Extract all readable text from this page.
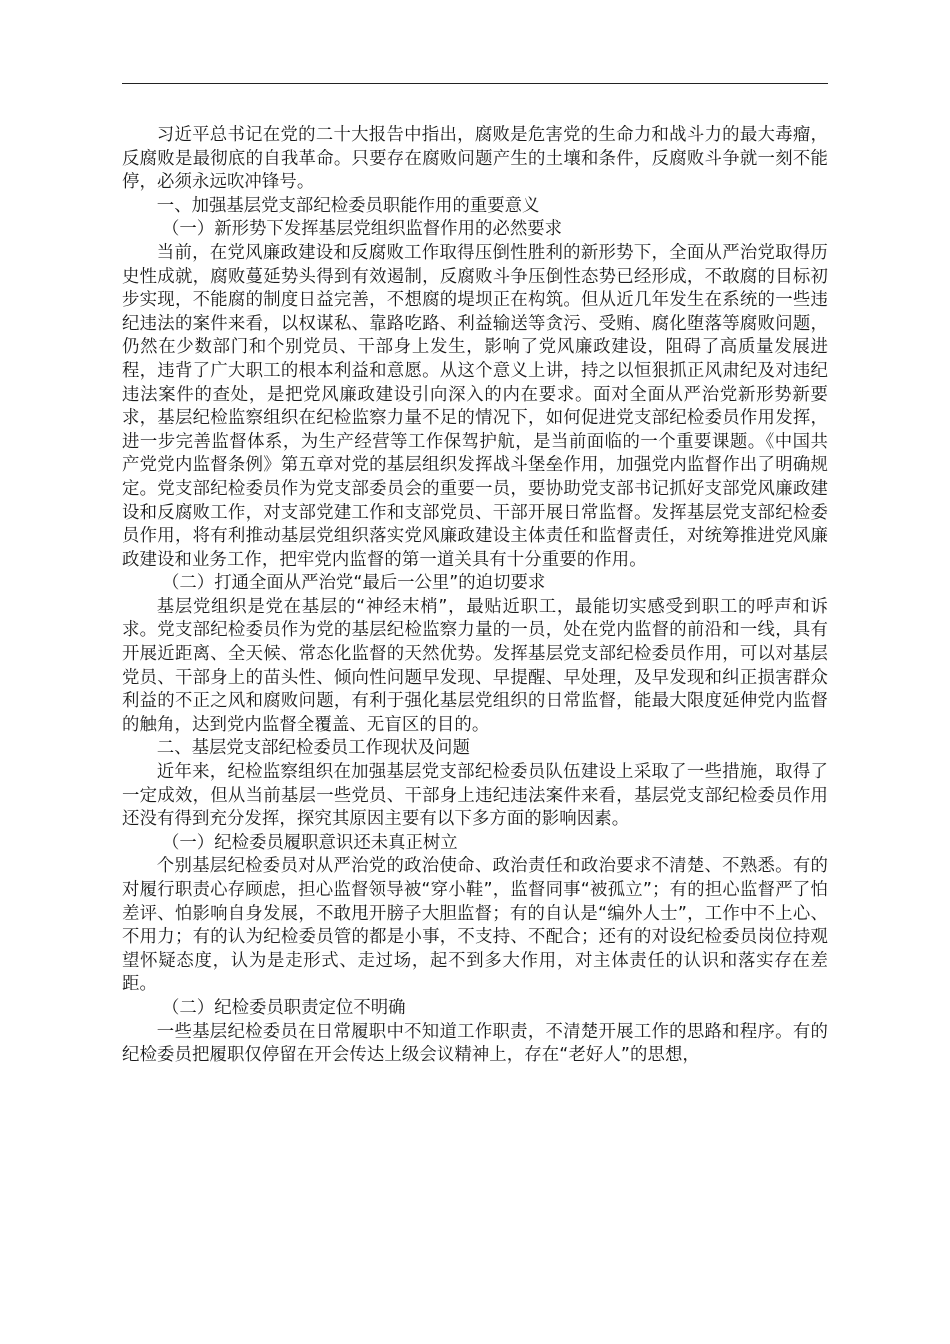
习近平总书记在党的二十大报告中指出，腐败是危害党的生命力和战斗力的最大毒瘤，反腐败是最彻底的自我革命。只要存在腐败问题产生的土壤和条件，反腐败斗争就一刻不能停，必须永远吹冲锋号。

一、加强基层党支部纪检委员职能作用的重要意义

（一）新形势下发挥基层党组织监督作用的必然要求

当前，在党风廉政建设和反腐败工作取得压倒性胜利的新形势下，全面从严治党取得历史性成就，腐败蔓延势头得到有效遏制，反腐败斗争压倒性态势已经形成，不敢腐的目标初步实现，不能腐的制度日益完善，不想腐的堤坝正在构筑。但从近几年发生在系统的一些违纪违法的案件来看，以权谋私、靠路吃路、利益输送等贪污、受贿、腐化堕落等腐败问题，仍然在少数部门和个别党员、干部身上发生，影响了党风廉政建设，阻碍了高质量发展进程，违背了广大职工的根本利益和意愿。从这个意义上讲，持之以恒狠抓正风肃纪及对违纪违法案件的查处，是把党风廉政建设引向深入的内在要求。面对全面从严治党新形势新要求，基层纪检监察组织在纪检监察力量不足的情况下，如何促进党支部纪检委员作用发挥，进一步完善监督体系，为生产经营等工作保驾护航，是当前面临的一个重要课题。《中国共产党党内监督条例》第五章对党的基层组织发挥战斗堡垒作用，加强党内监督作出了明确规定。党支部纪检委员作为党支部委员会的重要一员，要协助党支部书记抓好支部党风廉政建设和反腐败工作，对支部党建工作和支部党员、干部开展日常监督。发挥基层党支部纪检委员作用，将有利推动基层党组织落实党风廉政建设主体责任和监督责任，对统筹推进党风廉政建设和业务工作，把牢党内监督的第一道关具有十分重要的作用。

（二）打通全面从严治党“最后一公里”的迫切要求

基层党组织是党在基层的“神经末梢”，最贴近职工，最能切实感受到职工的呼声和诉求。党支部纪检委员作为党的基层纪检监察力量的一员，处在党内监督的前沿和一线，具有开展近距离、全天候、常态化监督的天然优势。发挥基层党支部纪检委员作用，可以对基层党员、干部身上的苗头性、倾向性问题早发现、早提醒、早处理，及早发现和纠正损害群众利益的不正之风和腐败问题，有利于强化基层党组织的日常监督，能最大限度延伸党内监督的触角，达到党内监督全覆盖、无盲区的目的。

二、基层党支部纪检委员工作现状及问题

近年来，纪检监察组织在加强基层党支部纪检委员队伍建设上采取了一些措施，取得了一定成效，但从当前基层一些党员、干部身上违纪违法案件来看，基层党支部纪检委员作用还没有得到充分发挥，探究其原因主要有以下多方面的影响因素。

（一）纪检委员履职意识还未真正树立

个别基层纪检委员对从严治党的政治使命、政治责任和政治要求不清楚、不熟悉。有的对履行职责心存顾虑，担心监督领导被“穿小鞋”，监督同事“被孤立”；有的担心监督严了怕差评、怕影响自身发展，不敢甩开膀子大胆监督；有的自认是“编外人士”，工作中不上心、不用力；有的认为纪检委员管的都是小事，不支持、不配合；还有的对设纪检委员岗位持观望怀疑态度，认为是走形式、走过场，起不到多大作用，对主体责任的认识和落实存在差距。

（二）纪检委员职责定位不明确

一些基层纪检委员在日常履职中不知道工作职责，不清楚开展工作的思路和程序。有的纪检委员把履职仅停留在开会传达上级会议精神上，存在“老好人”的思想，
